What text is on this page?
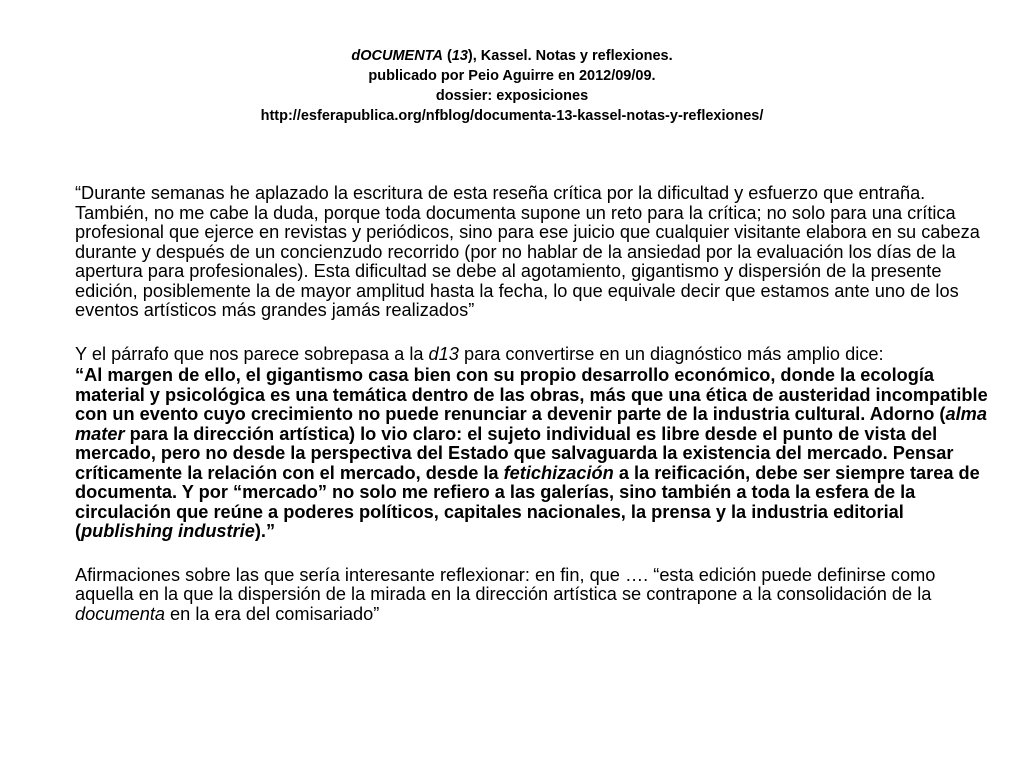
dOCUMENTA (13), Kassel. Notas y reflexiones.
publicado por Peio Aguirre en 2012/09/09.
dossier: exposiciones
http://esferapublica.org/nfblog/documenta-13-kassel-notas-y-reflexiones/

“Durante semanas he aplazado la escritura de esta reseña crítica por la dificultad y esfuerzo que entraña. También, no me cabe la duda, porque toda documenta supone un reto para la crítica; no solo para una crítica profesional que ejerce en revistas y periódicos, sino para ese juicio que cualquier visitante elabora en su cabeza durante y después de un concienzudo recorrido (por no hablar de la ansiedad por la evaluación los días de la apertura para profesionales). Esta dificultad se debe al agotamiento, gigantismo y dispersión de la presente edición, posiblemente la de mayor amplitud hasta la fecha, lo que equivale decir que estamos ante uno de los eventos artísticos más grandes jamás realizados”

Y el párrafo que nos parece sobrepasa a la d13 para convertirse en un diagnóstico más amplio dice:

“Al margen de ello, el gigantismo casa bien con su propio desarrollo económico, donde la ecología material y psicológica es una temática dentro de las obras, más que una ética de austeridad incompatible con un evento cuyo crecimiento no puede renunciar a devenir parte de la industria cultural. Adorno (alma mater para la dirección artística) lo vio claro: el sujeto individual es libre desde el punto de vista del mercado, pero no desde la perspectiva del Estado que salvaguarda la existencia del mercado. Pensar críticamente la relación con el mercado, desde la fetichización a la reificación, debe ser siempre tarea de documenta. Y por “mercado” no solo me refiero a las galerías, sino también a toda la esfera de la circulación que reúne a poderes políticos, capitales nacionales, la prensa y la industria editorial (publishing industrie).”

Afirmaciones sobre las que sería interesante reflexionar: en fin, que …. “esta edición puede definirse como aquella en la que la dispersión de la mirada en la dirección artística se contrapone a la consolidación de la documenta en la era del comisariado”
